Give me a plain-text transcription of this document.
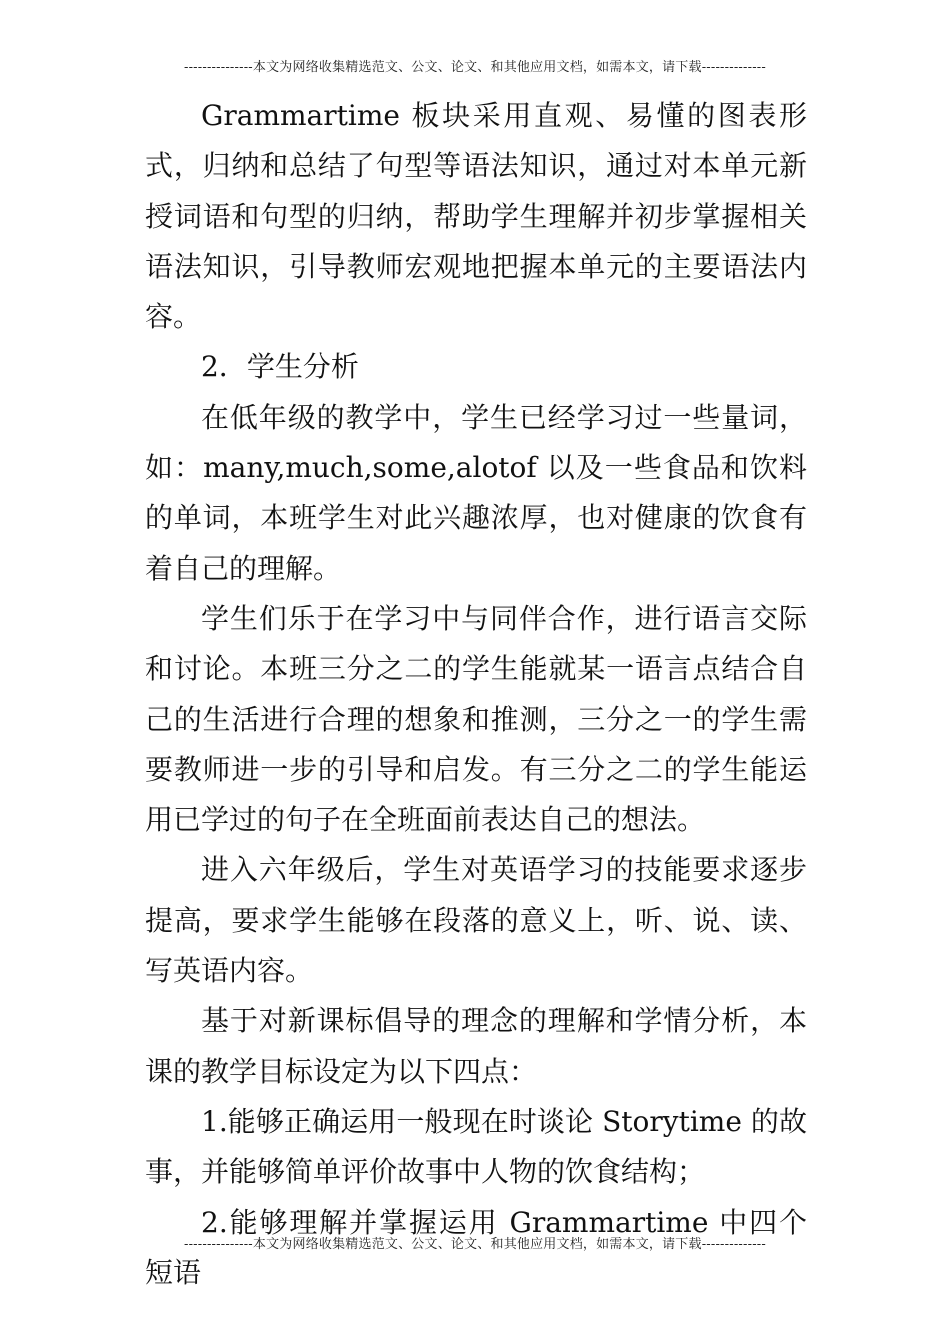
---------------本文为网络收集精选范文、公文、论文、和其他应用文档，如需本文，请下载--------------

Grammartime 板块采用直观、易懂的图表形式，归纳和总结了句型等语法知识，通过对本单元新授词语和句型的归纳，帮助学生理解并初步掌握相关语法知识，引导教师宏观地把握本单元的主要语法内容。

2．学生分析

在低年级的教学中，学生已经学习过一些量词，如：many,much,some,alotof 以及一些食品和饮料的单词，本班学生对此兴趣浓厚，也对健康的饮食有着自己的理解。

学生们乐于在学习中与同伴合作，进行语言交际和讨论。本班三分之二的学生能就某一语言点结合自己的生活进行合理的想象和推测，三分之一的学生需要教师进一步的引导和启发。有三分之二的学生能运用已学过的句子在全班面前表达自己的想法。

进入六年级后，学生对英语学习的技能要求逐步提高，要求学生能够在段落的意义上，听、说、读、写英语内容。

基于对新课标倡导的理念的理解和学情分析，本课的教学目标设定为以下四点：

1.能够正确运用一般现在时谈论 Storytime 的故事，并能够简单评价故事中人物的饮食结构；

2.能够理解并掌握运用 Grammartime 中四个短语

---------------本文为网络收集精选范文、公文、论文、和其他应用文档，如需本文，请下载--------------
